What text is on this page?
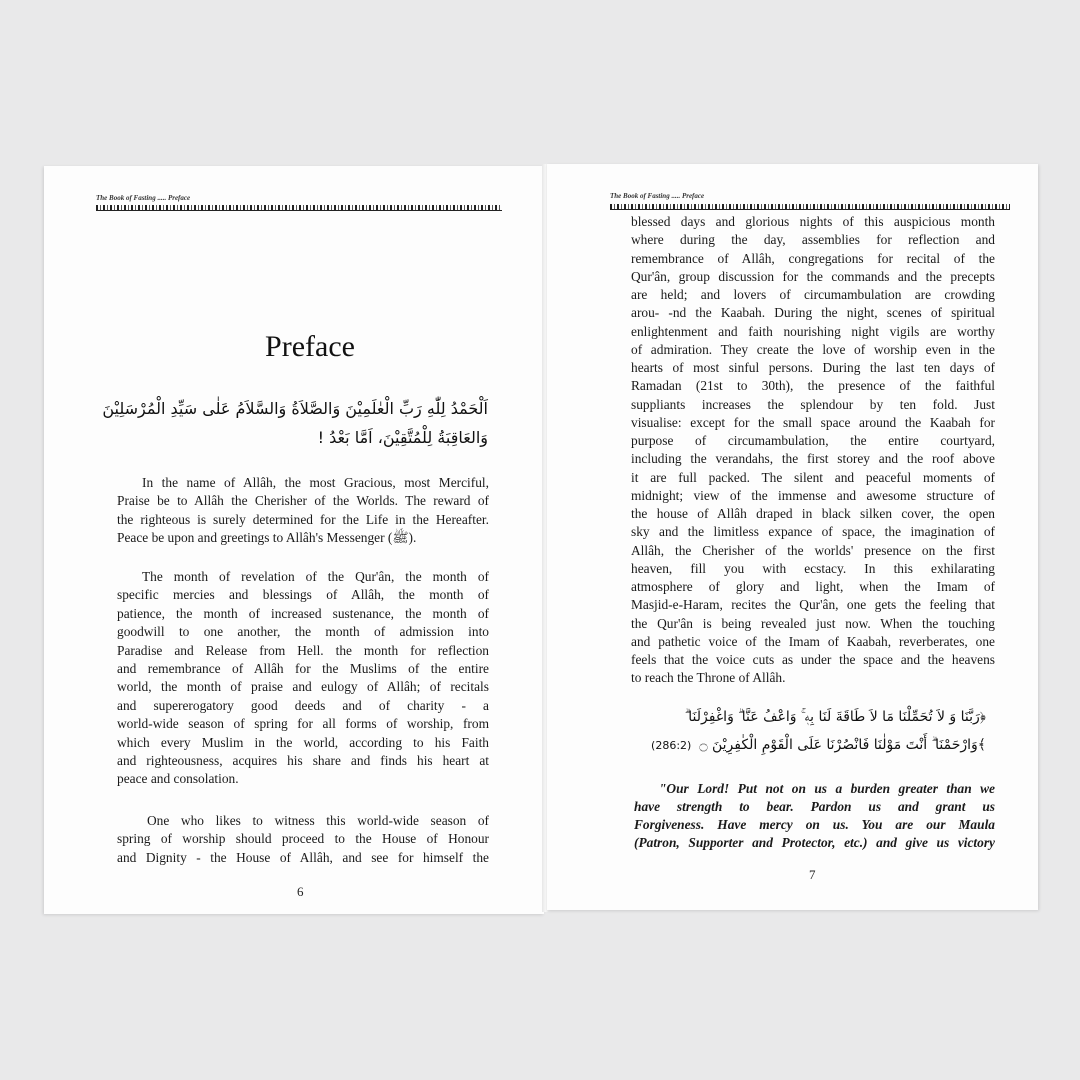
The Book of Fasting ..... Preface
Preface
اَلْحَمْدُ لِلّٰهِ رَبِّ الْعٰلَمِيْنَ وَالصَّلاَةُ وَالسَّلاَمُ عَلٰى سَيِّدِ الْمُرْسَلِيْنَ
وَالعَاقِبَةُ لِلْمُتَّقِيْنَ، اَمَّا بَعْدُ !
In the name of Allâh, the most Gracious, most Merciful,
Praise be to Allâh the Cherisher of the Worlds. The reward of
the righteous is surely determined for the Life in the Hereafter.
Peace be upon and greetings to Allâh's Messenger (ﷺ).
The month of revelation of the Qur'ân, the month of
specific mercies and blessings of Allâh, the month of
patience, the month of increased sustenance, the month of
goodwill to one another, the month of admission into
Paradise and Release from Hell. the month for reflection
and remembrance of Allâh for the Muslims of the entire
world, the month of praise and eulogy of Allâh; of recitals
and supererogatory good deeds and of charity - a
world-wide season of spring for all forms of worship, from
which every Muslim in the world, according to his Faith
and righteousness, acquires his share and finds his heart at
peace and consolation.
One who likes to witness this world-wide season of
spring of worship should proceed to the House of Honour
and Dignity - the House of Allâh, and see for himself the
6
The Book of Fasting ..... Preface
blessed days and glorious nights of this auspicious month
where during the day, assemblies for reflection and
remembrance of Allâh, congregations for recital of the
Qur'ân, group discussion for the commands and the precepts
are held; and lovers of circumambulation are crowding
arou- -nd the Kaabah. During the night, scenes of spiritual
enlightenment and faith nourishing night vigils are worthy
of admiration. They create the love of worship even in the
hearts of most sinful persons. During the last ten days of
Ramadan (21st to 30th), the presence of the faithful
suppliants increases the splendour by ten fold. Just
visualise: except for the small space around the Kaabah for
purpose of circumambulation, the entire courtyard,
including the verandahs, the first storey and the roof above
it are full packed. The silent and peaceful moments of
midnight; view of the immense and awesome structure of
the house of Allâh draped in black silken cover, the open
sky and the limitless expance of space, the imagination of
Allâh, the Cherisher of the worlds' presence on the first
heaven, fill you with ecstacy. In this exhilarating
atmosphere of glory and light, when the Imam of
Masjid-e-Haram, recites the Qur'ân, one gets the feeling that
the Qur'ân is being revealed just now. When the touching
and pathetic voice of the Imam of Kaabah, reverberates, one
feels that the voice cuts as under the space and the heavens
to reach the Throne of Allâh.
﴿رَبَّنَا وَ لاَ تُحَمِّلْنَا مَا لاَ طَاقَةَ لَنَا بِهٖ ۚ وَاعْفُ عَنَّا ۗ وَاغْفِرْلَنَا ۗ
(286:2) وَارْحَمْنَا ۗ أَنْتَ مَوْلٰنَا فَانْصُرْنَا عَلَى الْقَوْمِ الْكٰفِرِيْنَ ۝﴾
"Our Lord! Put not on us a burden greater than we
have strength to bear. Pardon us and grant us
Forgiveness. Have mercy on us. You are our Maula
(Patron, Supporter and Protector, etc.) and give us victory
7
